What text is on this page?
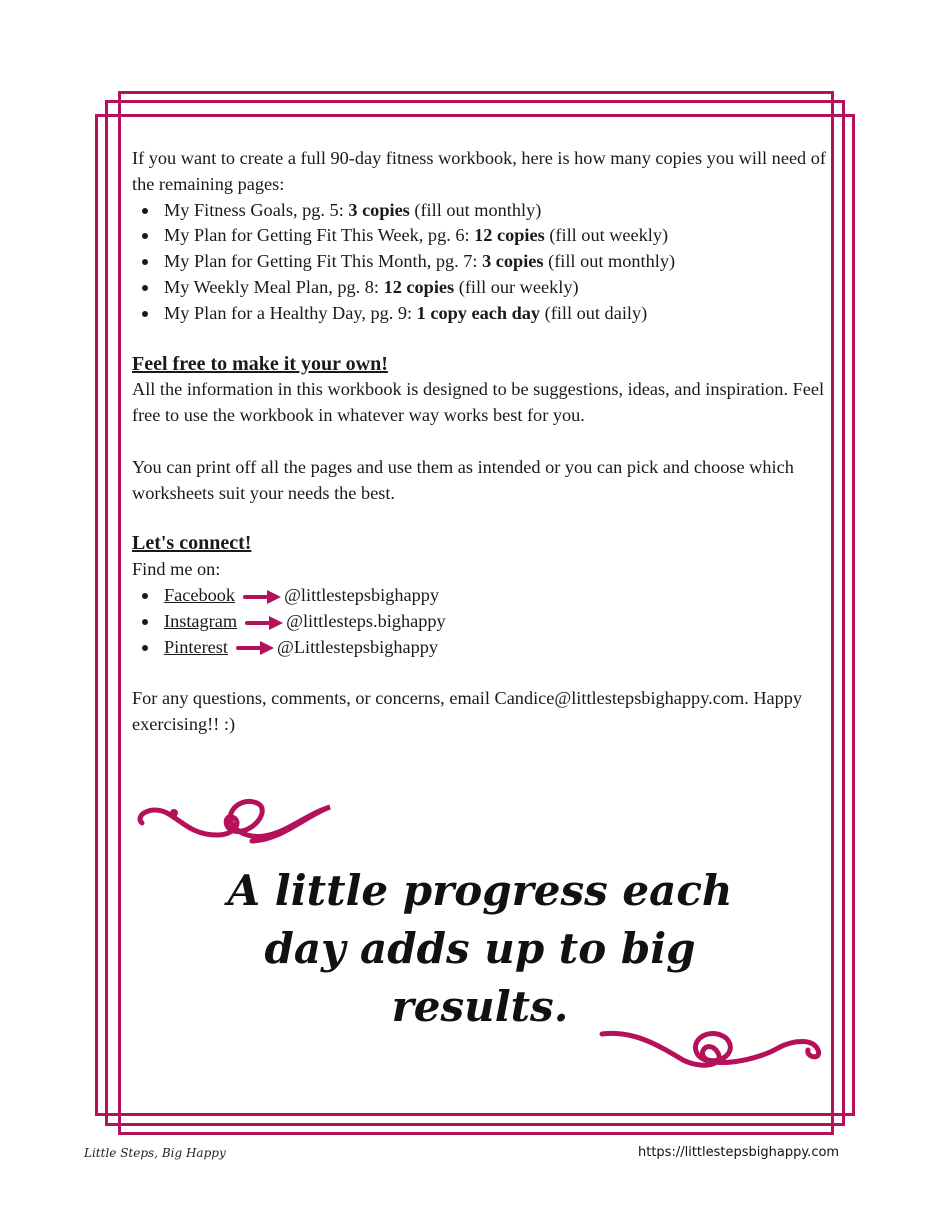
If you want to create a full 90-day fitness workbook, here is how many copies you will need of the remaining pages:

My Fitness Goals, pg. 5: 3 copies (fill out monthly)
My Plan for Getting Fit This Week, pg. 6: 12 copies (fill out weekly)
My Plan for Getting Fit This Month, pg. 7: 3 copies (fill out monthly)
My Weekly Meal Plan, pg. 8: 12 copies (fill our weekly)
My Plan for a Healthy Day, pg. 9: 1 copy each day (fill out daily)

Feel free to make it your own!

All the information in this workbook is designed to be suggestions, ideas, and inspiration. Feel free to use the workbook in whatever way works best for you.

You can print off all the pages and use them as intended or you can pick and choose which worksheets suit your needs the best.

Let's connect!

Find me on:

Facebook	@littlestepsbighappy
Instagram	@littlesteps.bighappy
Pinterest	@Littlestepsbighappy

For any questions, comments, or concerns, email Candice@littlestepsbighappy.com. Happy exercising!! :)

A little progress each
day adds up to big
results.
Little Steps, Big Happy	https://littlestepsbighappy.com
